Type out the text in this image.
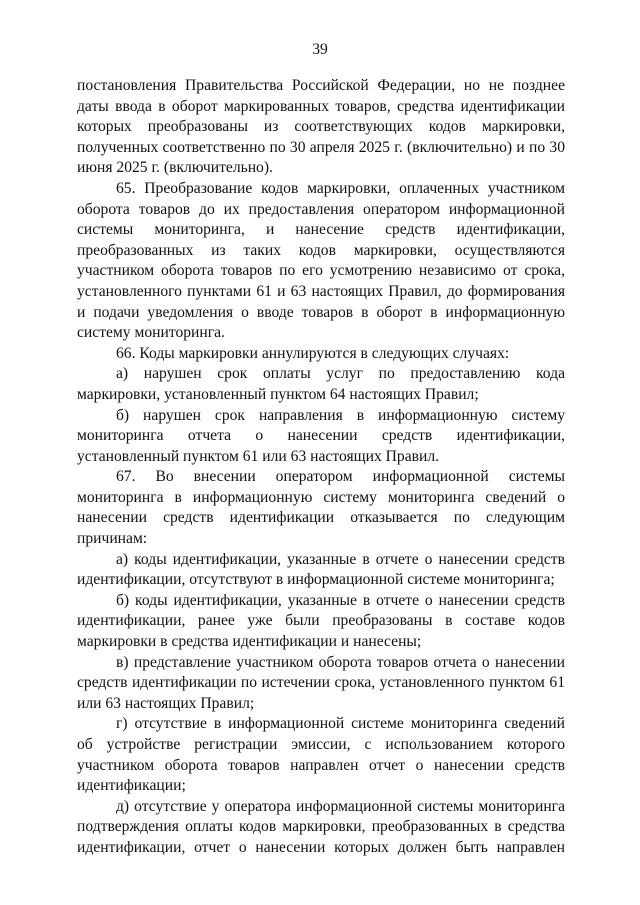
39

постановления Правительства Российской Федерации, но не позднее даты ввода в оборот маркированных товаров, средства идентификации которых преобразованы из соответствующих кодов маркировки, полученных соответственно по 30 апреля 2025 г. (включительно) и по 30 июня 2025 г. (включительно).

65. Преобразование кодов маркировки, оплаченных участником оборота товаров до их предоставления оператором информационной системы мониторинга, и нанесение средств идентификации, преобразованных из таких кодов маркировки, осуществляются участником оборота товаров по его усмотрению независимо от срока, установленного пунктами 61 и 63 настоящих Правил, до формирования и подачи уведомления о вводе товаров в оборот в информационную систему мониторинга.

66. Коды маркировки аннулируются в следующих случаях:

а) нарушен срок оплаты услуг по предоставлению кода маркировки, установленный пунктом 64 настоящих Правил;

б) нарушен срок направления в информационную систему мониторинга отчета о нанесении средств идентификации, установленный пунктом 61 или 63 настоящих Правил.

67. Во внесении оператором информационной системы мониторинга в информационную систему мониторинга сведений о нанесении средств идентификации отказывается по следующим причинам:

а) коды идентификации, указанные в отчете о нанесении средств идентификации, отсутствуют в информационной системе мониторинга;

б) коды идентификации, указанные в отчете о нанесении средств идентификации, ранее уже были преобразованы в составе кодов маркировки в средства идентификации и нанесены;

в) представление участником оборота товаров отчета о нанесении средств идентификации по истечении срока, установленного пунктом 61 или 63 настоящих Правил;

г) отсутствие в информационной системе мониторинга сведений об устройстве регистрации эмиссии, с использованием которого участником оборота товаров направлен отчет о нанесении средств идентификации;

д) отсутствие у оператора информационной системы мониторинга подтверждения оплаты кодов маркировки, преобразованных в средства идентификации, отчет о нанесении которых должен быть направлен
